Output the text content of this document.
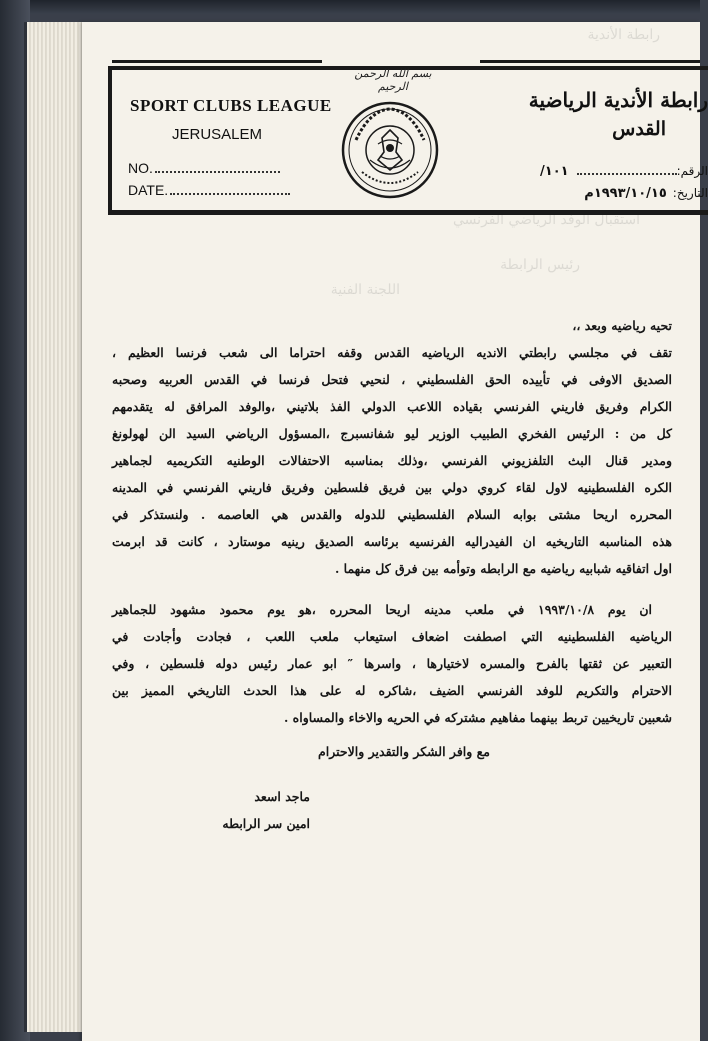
رابطة الأندية
استقبال الوفد الرياضي الفرنسي
رئيس الرابطة
اللجنة الفنية
بسم الله الرحمن الرحيم
SPORT CLUBS LEAGUE
JERUSALEM
NO.
DATE.
رابطة الأندية الرياضية
القدس
الرقم:١٠١/
التاريخ:١٩٩٣/١٠/١٥م
تحيه رياضيه وبعد ،،
تقف في مجلسي رابطتي الانديه الرياضيه القدس وقفه احتراما الى شعب فرنسا العظيم ،
الصديق الاوفى في تأييده الحق الفلسطيني ، لنحيي فتحل فرنسا في القدس العربيه وصحبه
الكرام وفريق فاريني الفرنسي بقياده اللاعب الدولي الفذ بلاتيني ،والوفد المرافق له يتقدمهم
كل من : الرئيس الفخري الطبيب الوزير ليو شفانسبرج ،المسؤول الرياضي السيد الن لهولونغ
ومدير قنال البث التلفزيوني الفرنسي ،وذلك بمناسبه الاحتفالات الوطنيه التكريميه لجماهير
الكره الفلسطينيه لاول لقاء كروي دولي بين فريق فلسطين وفريق فاريني الفرنسي في المدينه
المحرره اريحا مشتى بوابه السلام الفلسطيني للدوله والقدس هي العاصمه . ولنستذكر في
هذه المناسبه التاريخيه ان الفيدراليه الفرنسيه برئاسه الصديق رينيه موستارد ، كانت قد ابرمت
اول اتفاقيه شبابيه رياضيه مع الرابطه وتوأمه بين فرق كل منهما .
ان يوم ١٩٩٣/١٠/٨ في ملعب مدينه اريحا المحرره ،هو يوم محمود مشهود للجماهير
الرياضيه الفلسطينيه التي اصطفت اضعاف استيعاب ملعب اللعب ، فجادت وأجادت في
التعبير عن ثقتها بالفرح والمسره لاختيارها ، واسرها ″ ابو عمار رئيس دوله فلسطين ، وفي
الاحترام والتكريم للوفد الفرنسي الضيف ،شاكره له على هذا الحدث التاريخي المميز بين
شعبين تاريخيين تربط بينهما مفاهيم مشتركه في الحريه والاخاء والمساواه .
مع وافر الشكر والتقدير والاحترام
ماجد اسعد
امين سر الرابطه
